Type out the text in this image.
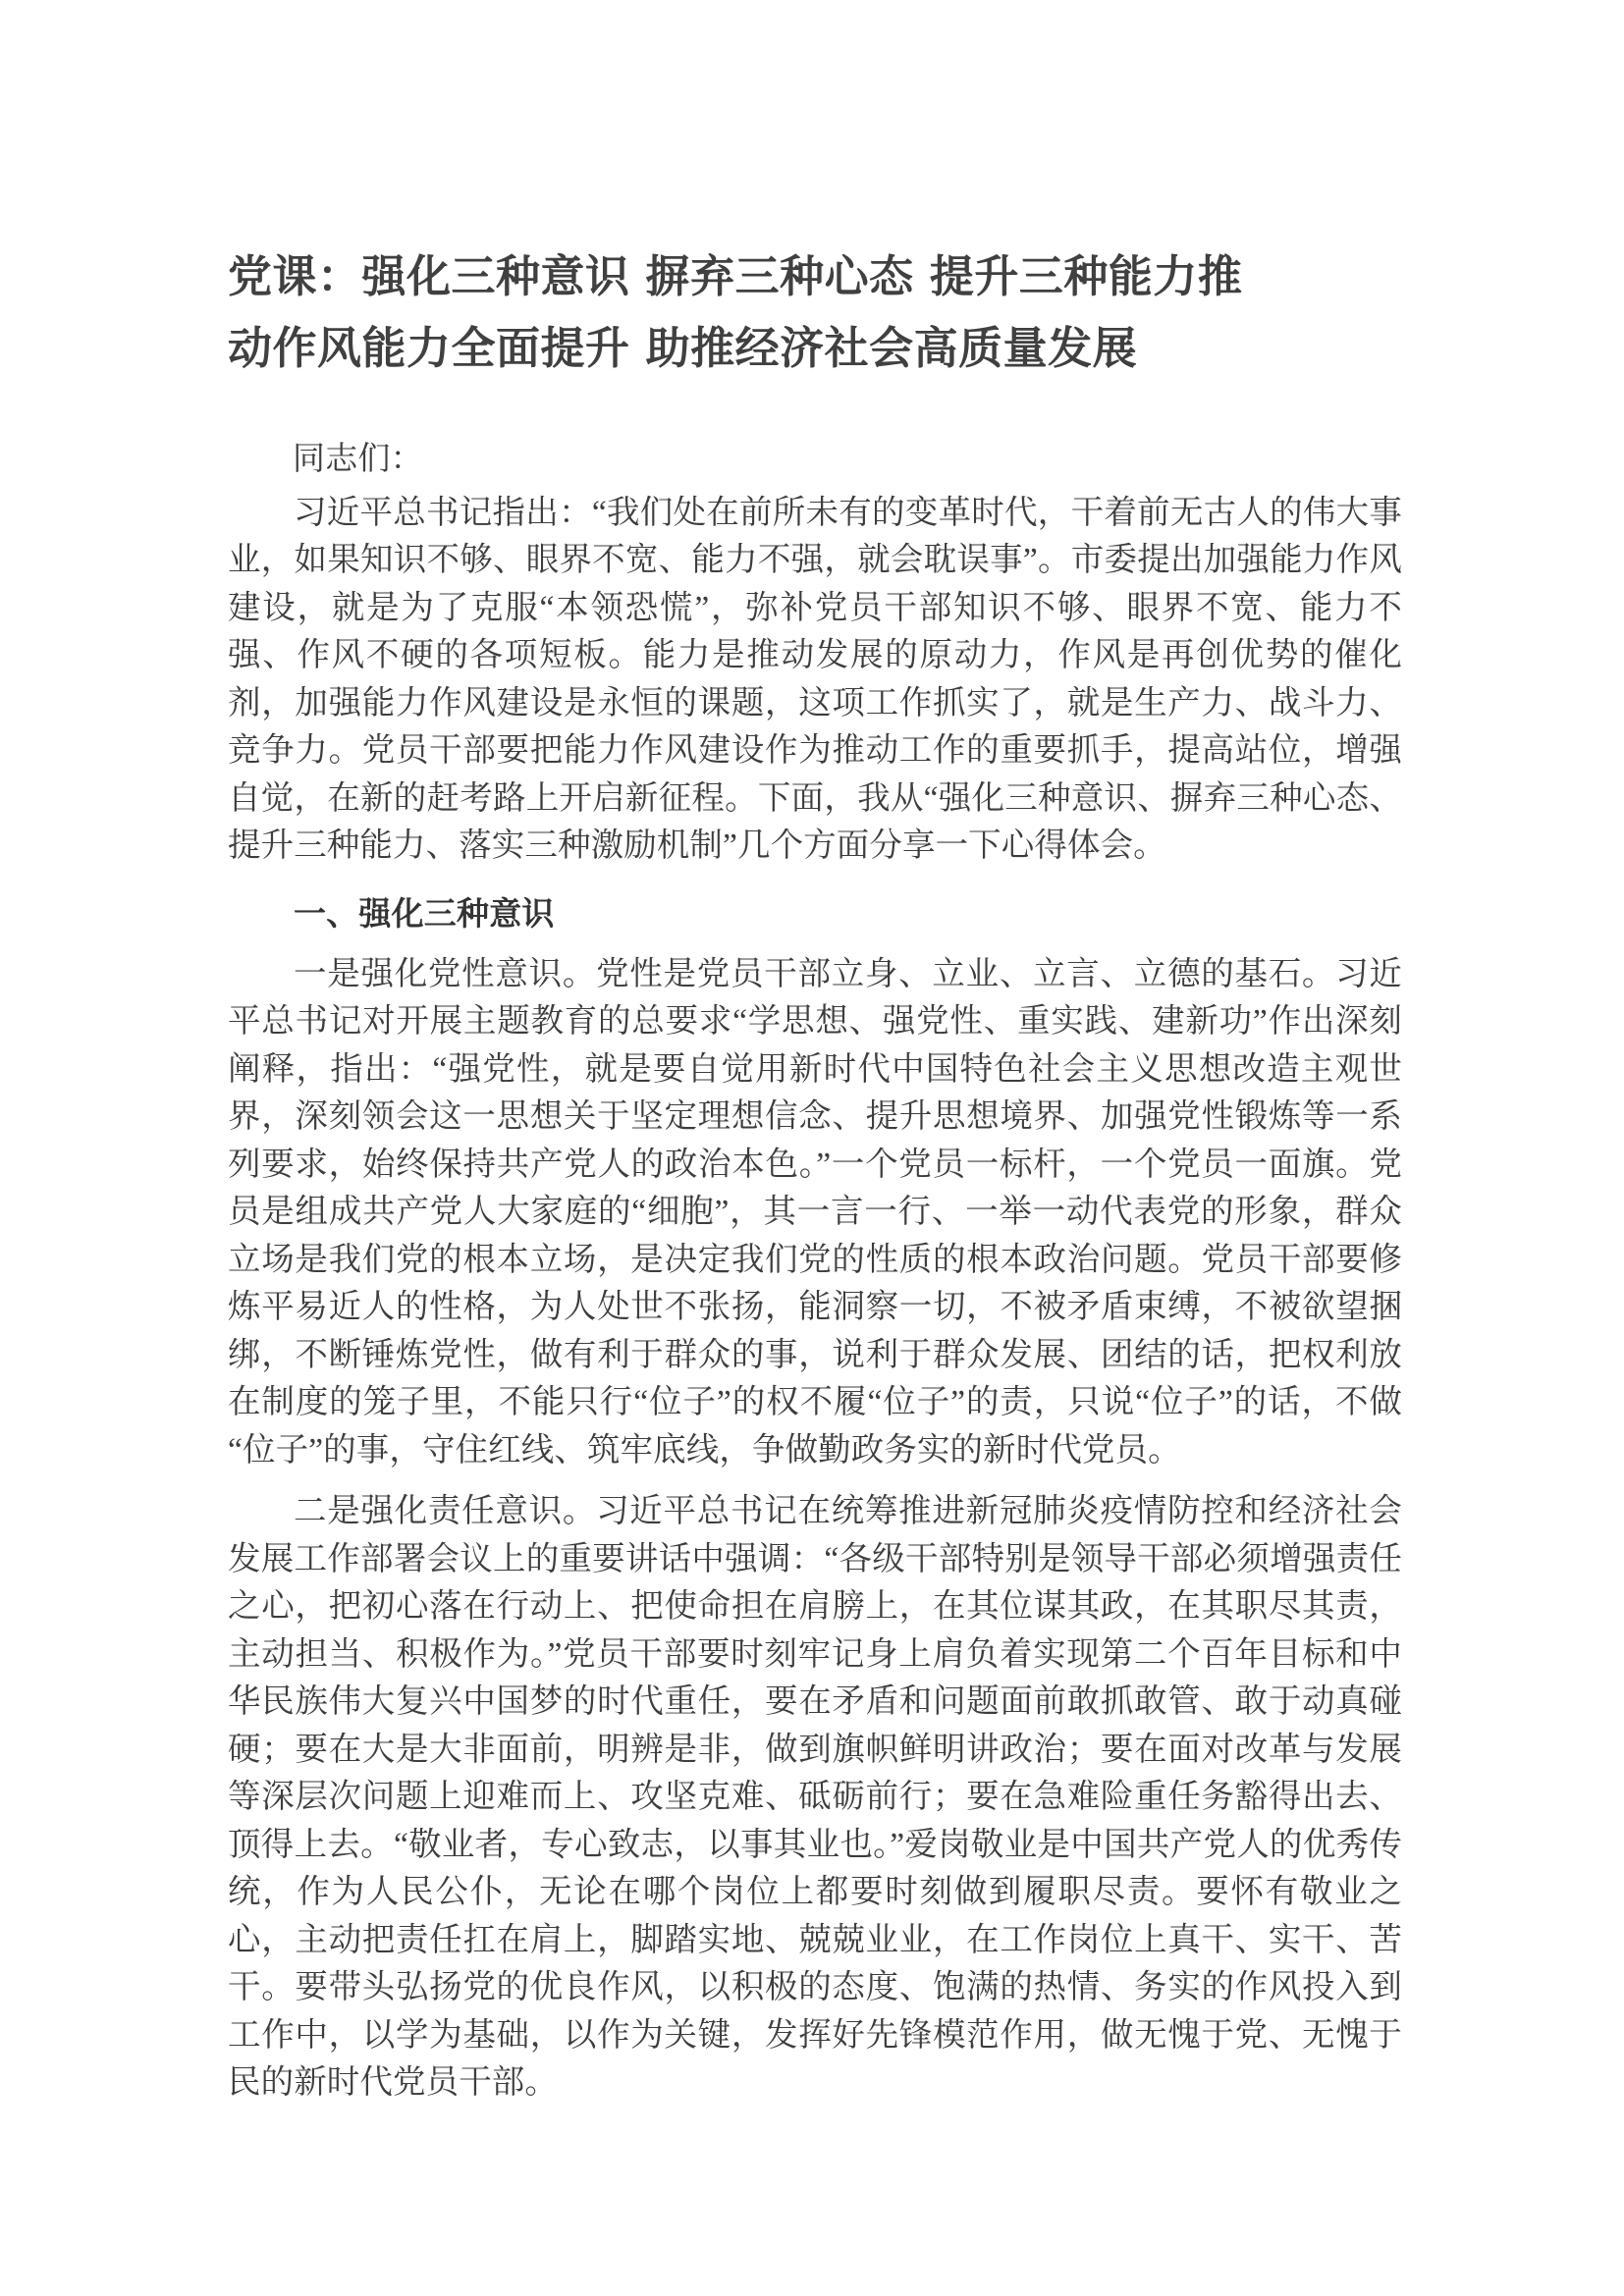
党课：强化三种意识 摒弃三种心态 提升三种能力推
动作风能力全面提升 助推经济社会高质量发展

同志们：

习近平总书记指出：“我们处在前所未有的变革时代，干着前无古人的伟大事业，如果知识不够、眼界不宽、能力不强，就会耽误事”。市委提出加强能力作风建设，就是为了克服“本领恐慌”，弥补党员干部知识不够、眼界不宽、能力不强、作风不硬的各项短板。能力是推动发展的原动力，作风是再创优势的催化剂，加强能力作风建设是永恒的课题，这项工作抓实了，就是生产力、战斗力、竞争力。党员干部要把能力作风建设作为推动工作的重要抓手，提高站位，增强自觉，在新的赶考路上开启新征程。下面，我从“强化三种意识、摒弃三种心态、提升三种能力、落实三种激励机制”几个方面分享一下心得体会。

一、强化三种意识

一是强化党性意识。党性是党员干部立身、立业、立言、立德的基石。习近平总书记对开展主题教育的总要求“学思想、强党性、重实践、建新功”作出深刻阐释，指出：“强党性，就是要自觉用新时代中国特色社会主义思想改造主观世界，深刻领会这一思想关于坚定理想信念、提升思想境界、加强党性锻炼等一系列要求，始终保持共产党人的政治本色。”一个党员一标杆，一个党员一面旗。党员是组成共产党人大家庭的“细胞”，其一言一行、一举一动代表党的形象，群众立场是我们党的根本立场，是决定我们党的性质的根本政治问题。党员干部要修炼平易近人的性格，为人处世不张扬，能洞察一切，不被矛盾束缚，不被欲望捆绑，不断锤炼党性，做有利于群众的事，说利于群众发展、团结的话，把权利放在制度的笼子里，不能只行“位子”的权不履“位子”的责，只说“位子”的话，不做“位子”的事，守住红线、筑牢底线，争做勤政务实的新时代党员。

二是强化责任意识。习近平总书记在统筹推进新冠肺炎疫情防控和经济社会发展工作部署会议上的重要讲话中强调：“各级干部特别是领导干部必须增强责任之心，把初心落在行动上、把使命担在肩膀上，在其位谋其政，在其职尽其责，主动担当、积极作为。”党员干部要时刻牢记身上肩负着实现第二个百年目标和中华民族伟大复兴中国梦的时代重任，要在矛盾和问题面前敢抓敢管、敢于动真碰硬；要在大是大非面前，明辨是非，做到旗帜鲜明讲政治；要在面对改革与发展等深层次问题上迎难而上、攻坚克难、砥砺前行；要在急难险重任务豁得出去、顶得上去。“敬业者，专心致志，以事其业也。”爱岗敬业是中国共产党人的优秀传统，作为人民公仆，无论在哪个岗位上都要时刻做到履职尽责。要怀有敬业之心，主动把责任扛在肩上，脚踏实地、兢兢业业，在工作岗位上真干、实干、苦干。要带头弘扬党的优良作风，以积极的态度、饱满的热情、务实的作风投入到工作中，以学为基础，以作为关键，发挥好先锋模范作用，做无愧于党、无愧于民的新时代党员干部。
